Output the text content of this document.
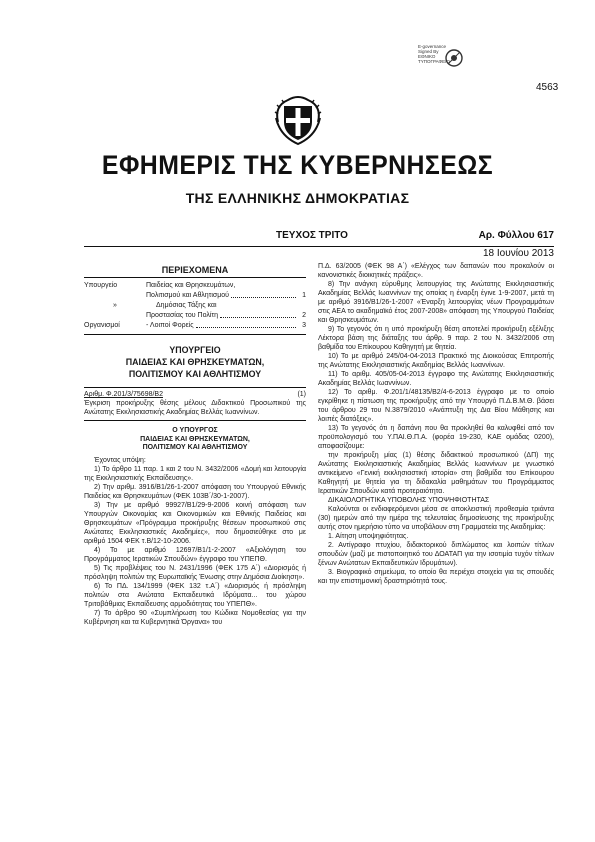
4563
E-governance
Signed By
ΕΘΝΙΚΟ
ΤΥΠΟΓΡΑΦΕΙΟ
ΕΦΗΜΕΡΙΣ ΤΗΣ ΚΥΒΕΡΝΗΣΕΩΣ
ΤΗΣ ΕΛΛΗΝΙΚΗΣ ΔΗΜΟΚΡΑΤΙΑΣ
ΤΕΥΧΟΣ ΤΡΙΤΟ	Αρ. Φύλλου 617
18 Ιουνίου 2013
ΠΕΡΙΕΧΟΜΕΝΑ
Υπουργείο	Παιδείας και Θρησκευμάτων,
Πολιτισμού και Αθλητισμού	1
»	Δημόσιας Τάξης και
Προστασίας του Πολίτη	2
Οργανισμοί	- Λοιποί Φορείς	3
ΥΠΟΥΡΓΕΙΟ
ΠΑΙΔΕΙΑΣ ΚΑΙ ΘΡΗΣΚΕΥΜΑΤΩΝ,
ΠΟΛΙΤΙΣΜΟΥ ΚΑΙ ΑΘΛΗΤΙΣΜΟΥ
Αριθμ. Φ.201/3/75698/Β2	(1)

Έγκριση προκήρυξης θέσης μέλους Διδακτικού Προσωπικού της Ανώτατης Εκκλησιαστικής Ακαδημίας Βελλάς Ιωαννίνων.

Ο ΥΠΟΥΡΓΟΣ
ΠΑΙΔΕΙΑΣ ΚΑΙ ΘΡΗΣΚΕΥΜΑΤΩΝ,
ΠΟΛΙΤΙΣΜΟΥ ΚΑΙ ΑΘΛΗΤΙΣΜΟΥ

Έχοντας υπόψη:

1) Το άρθρο 11 παρ. 1 και 2 του Ν. 3432/2006 «Δομή και λειτουργία της Εκκλησιαστικής Εκπαίδευσης».

2) Την αριθμ. 3916/Β1/26-1-2007 απόφαση του Υπουργού Εθνικής Παιδείας και Θρησκευμάτων (ΦΕΚ 103Β΄/30-1-2007).

3) Την με αριθμό 99927/Β1/29-9-2006 κοινή απόφαση των Υπουργών Οικονομίας και Οικονομικών και Εθνικής Παιδείας και Θρησκευμάτων «Πρόγραμμα προκήρυξης θέσεων προσωπικού στις Ανώτατες Εκκλησιαστικές Ακαδημίες», που δημοσιεύθηκε στο με αριθμό 1504 ΦΕΚ τ.Β/12-10-2006.

4) Το με αριθμό 12697/Β1/1-2-2007 «Αξιολόγηση του Προγράμματος Ιερατικών Σπουδών» έγγραφο του ΥΠΕΠΘ.

5) Τις προβλέψεις του Ν. 2431/1996 (ΦΕΚ 175 Α΄) «Διορισμός ή πρόσληψη πολιτών της Ευρωπαϊκής Ένωσης στην Δημόσια Διοίκηση».

6) Το ΠΔ. 134/1999 (ΦΕΚ 132 τ.Α΄) «Διορισμός ή πρόσληψη πολιτών στα Ανώτατα Εκπαιδευτικά Ιδρύματα... του χώρου Τριτοβάθμιας Εκπαίδευσης αρμοδιότητας του ΥΠΕΠΘ».

7) Το άρθρο 90 «Συμπλήρωση του Κώδικα Νομοθεσίας για την Κυβέρνηση και τα Κυβερνητικά Όργανα» του

Π.Δ. 63/2005 (ΦΕΚ 98 Α΄) «Ελέγχος των δαπανών που προκαλούν οι κανονιστικές διοικητικές πράξεις».

8) Την ανάγκη εύρυθμης λειτουργίας της Ανώτατης Εκκλησιαστικής Ακαδημίας Βελλάς Ιωαννίνων της οποίας η έναρξη έγινε 1-9-2007, μετά τη με αριθμό 3916/Β1/26-1-2007 «Έναρξη λειτουργίας νέων Προγραμμάτων στις ΑΕΑ το ακαδημαϊκό έτος 2007-2008» απόφαση της Υπουργού Παιδείας και Θρησκευμάτων.

9) Το γεγονός ότι η υπό προκήρυξη θέση αποτελεί προκήρυξη εξέλιξης Λέκτορα βάση της διάταξης του άρθρ. 9 παρ. 2 του Ν. 3432/2006 στη βαθμίδα του Επίκουρου Καθηγητή με θητεία.

10) Το με αριθμό 245/04-04-2013 Πρακτικό της Διοικούσας Επιτροπής της Ανώτατης Εκκλησιαστικής Ακαδημίας Βελλάς Ιωαννίνων.

11) Το αριθμ. 405/05-04-2013 έγγραφο της Ανώτατης Εκκλησιαστικής Ακαδημίας Βελλάς Ιωαννίνων.

12) Το αριθμ. Φ.201/1/48135/Β2/4-6-2013 έγγραφο με το οποίο εγκρίθηκε η πίστωση της προκήρυξης από την Υπουργό Π.Δ.Β.Μ.Θ. βάσει του άρθρου 29 του Ν.3879/2010 «Ανάπτυξη της Δια Βίου Μάθησης και λοιπές διατάξεις».

13) Το γεγονός ότι η δαπάνη που θα προκληθεί θα καλυφθεί από τον προϋπολογισμό του Υ.ΠΑΙ.Θ.Π.Α. (φορέα 19-230, ΚΑΕ ομάδας 0200), αποφασίζουμε:

την προκήρυξη μίας (1) θέσης διδακτικού προσωπικού (ΔΠ) της Ανώτατης Εκκλησιαστικής Ακαδημίας Βελλάς Ιωαννίνων με γνωστικό αντικείμενο «Γενική εκκλησιαστική ιστορία» στη βαθμίδα του Επίκουρου Καθηγητή με θητεία για τη διδακαλία μαθημάτων του Προγράμματος Ιερατικών Σπουδών κατά προτεραιότητα.

ΔΙΚΑΙΟΛΟΓΗΤΙΚΑ ΥΠΟΒΟΛΗΣ ΥΠΟΨΗΦΙΟΤΗΤΑΣ

Καλούνται οι ενδιαφερόμενοι μέσα σε αποκλειστική προθεσμία τριάντα (30) ημερών από την ημέρα της τελευταίας δημοσίευσης της προκήρυξης αυτής στον ημερήσιο τύπο να υποβάλουν στη Γραμματεία της Ακαδημίας:

1. Αίτηση υποψηφιότητας.

2. Αντίγραφο πτυχίου, διδακτορικού διπλώματος και λοιπών τίτλων σπουδών (μαζί με πιστοποιητικό του ΔΟΑΤΑΠ για την ισοτιμία τυχόν τίτλων ξένων Ανώτατων Εκπαιδευτικών Ιδρυμάτων).

3. Βιογραφικό σημείωμα, το οποίο θα περιέχει στοιχεία για τις σπουδές και την επιστημονική δραστηριότητά τους.
